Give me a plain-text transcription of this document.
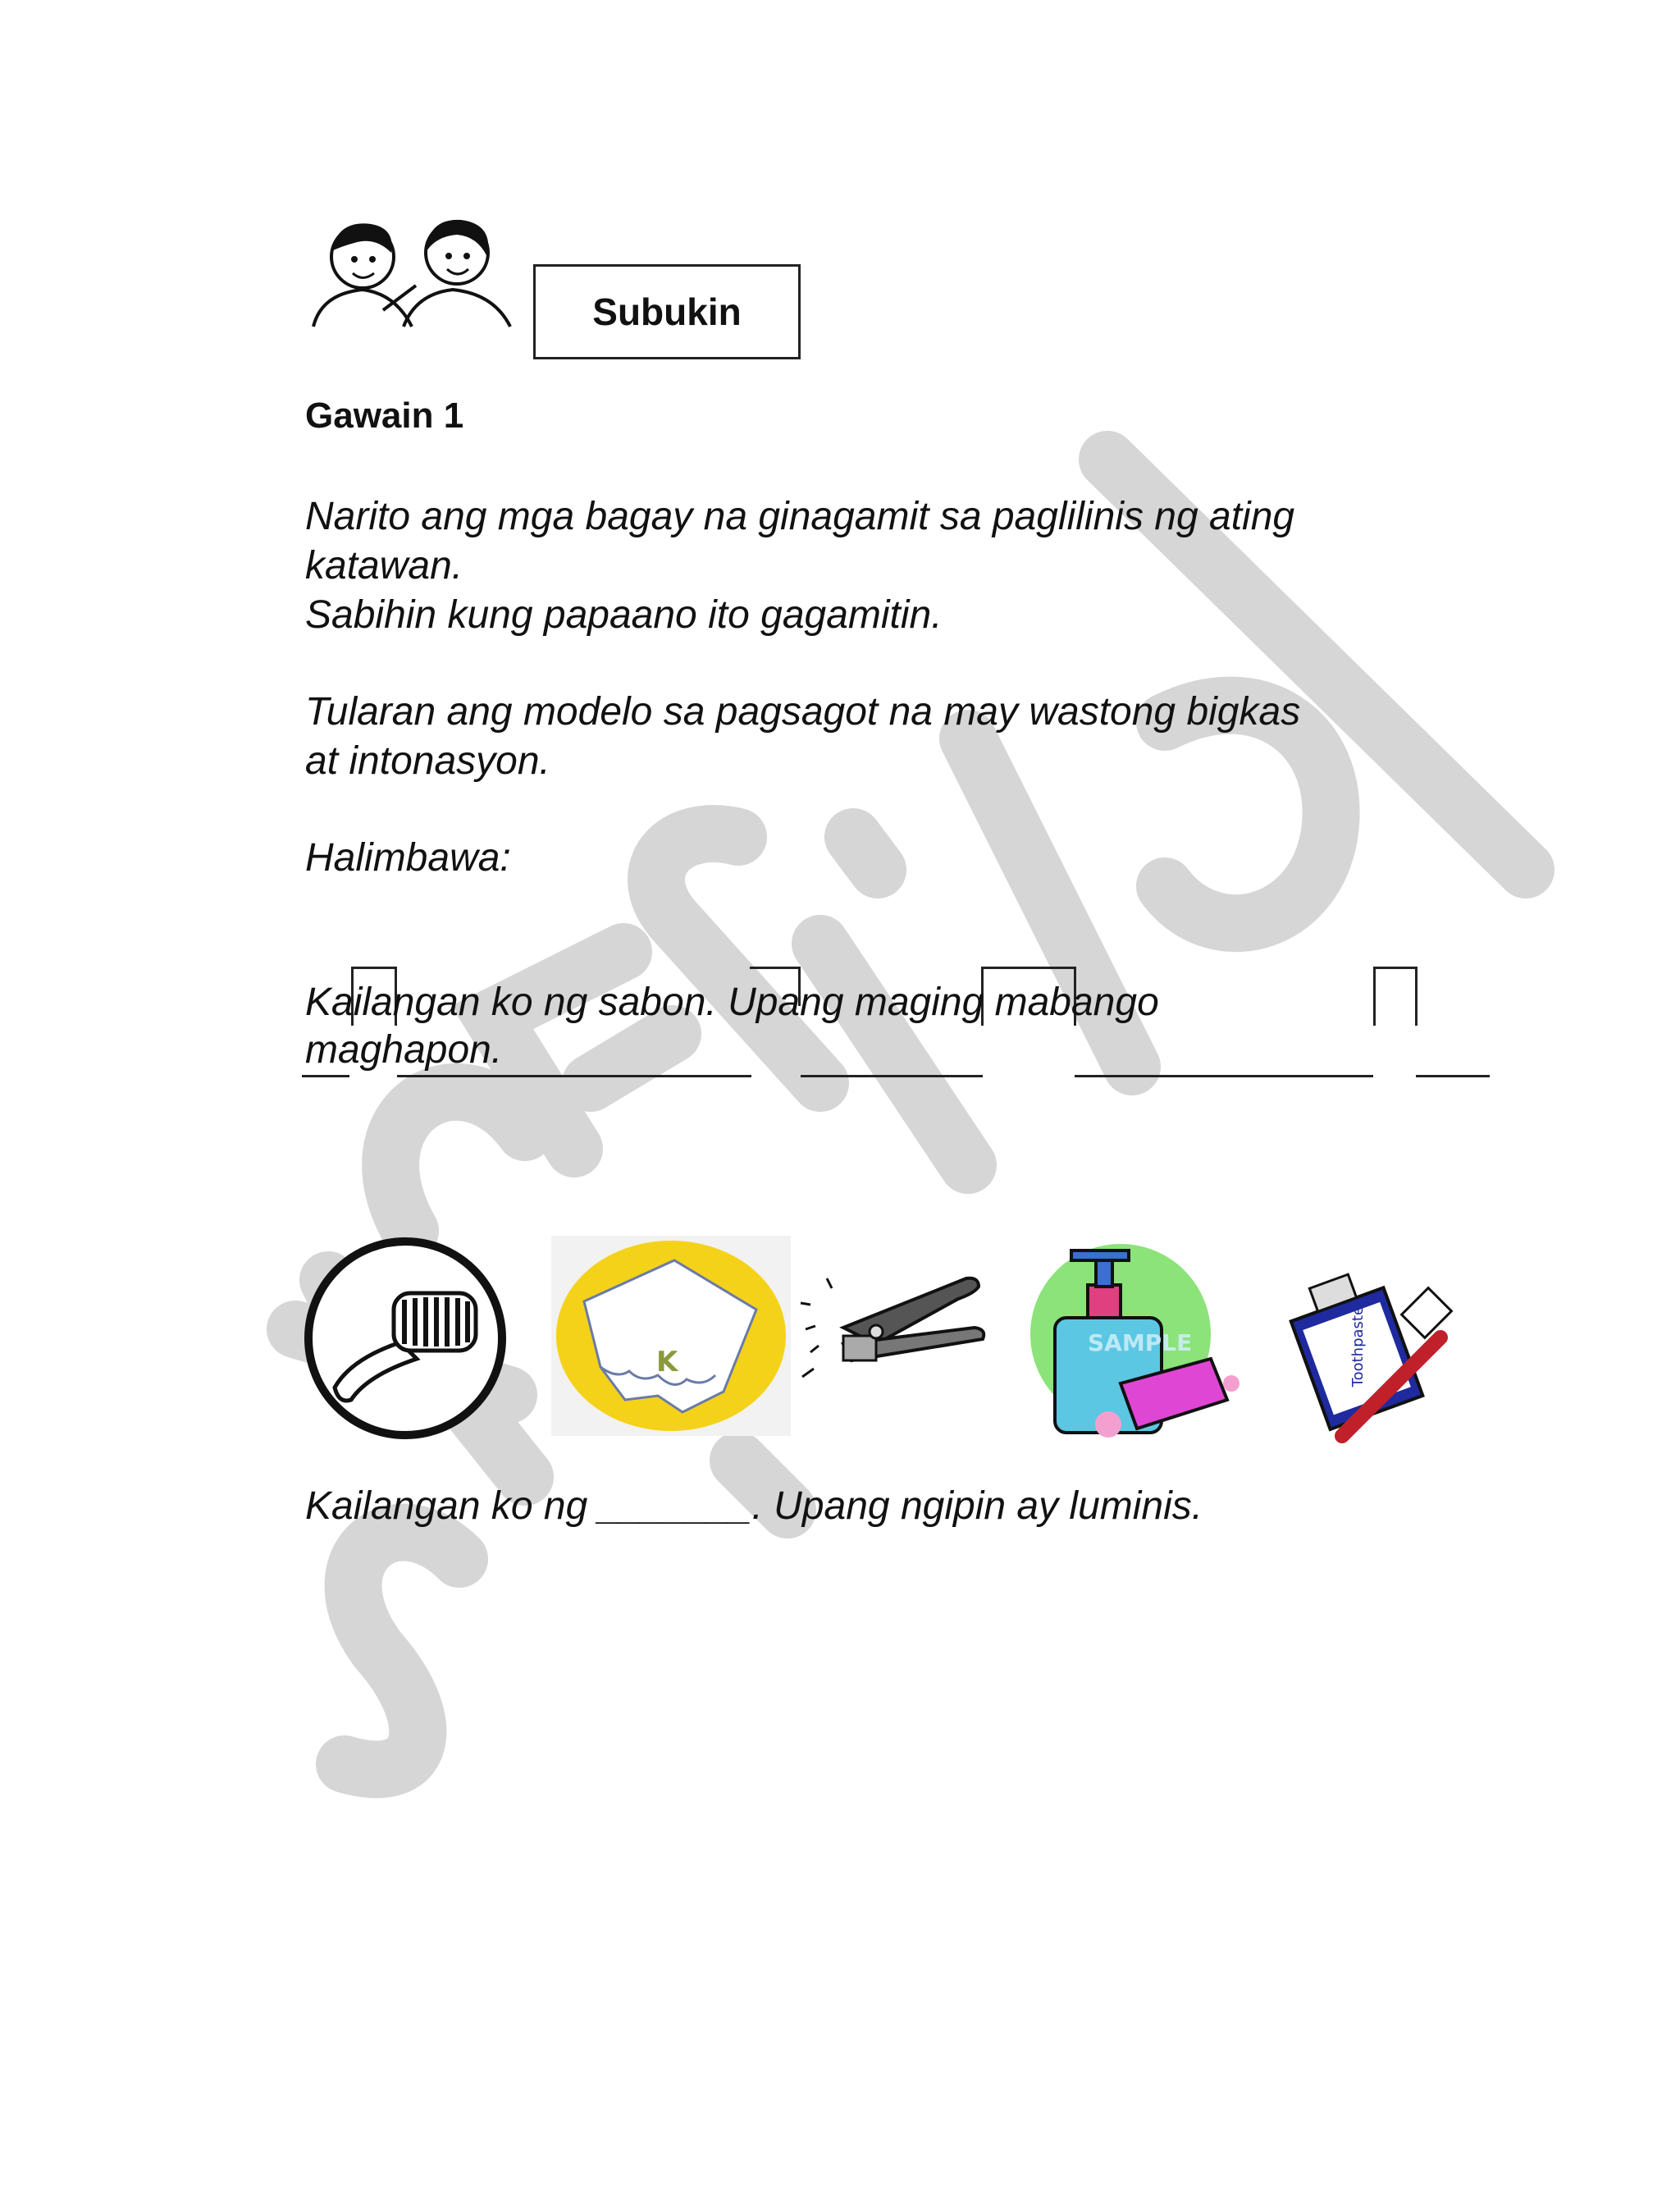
Subukin
Gawain 1
Narito ang mga bagay na ginagamit sa paglilinis ng ating
katawan.
Sabihin kung papaano ito gagamitin.
Tularan ang modelo sa pagsagot na may wastong bigkas
at intonasyon.
Halimbawa:
Kailangan ko ng sabon. Upang maging mabango
maghapon.
K
SAMPLE	Toothpaste
Kailangan ko ng _______. Upang ngipin ay luminis.
